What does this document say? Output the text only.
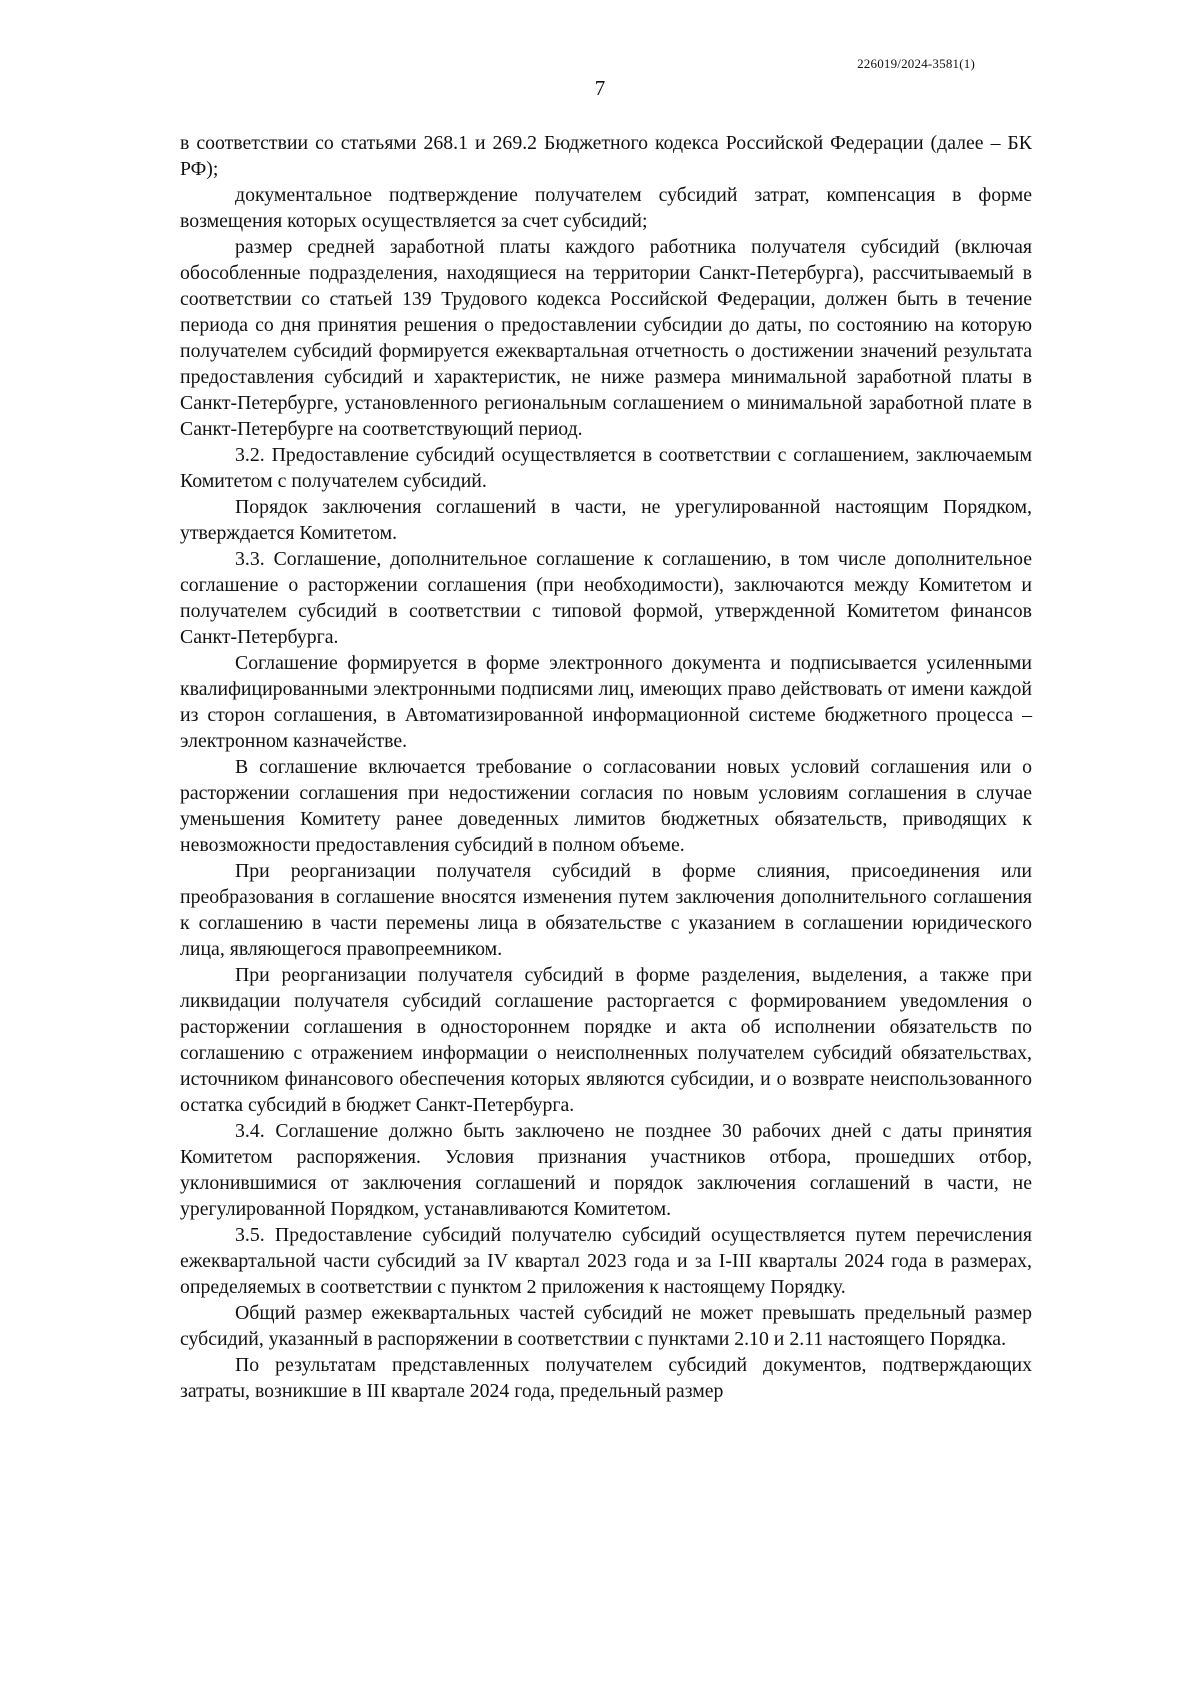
226019/2024-3581(1)
7

в соответствии со статьями 268.1 и 269.2 Бюджетного кодекса Российской Федерации (далее – БК РФ);

документальное подтверждение получателем субсидий затрат, компенсация в форме возмещения которых осуществляется за счет субсидий;

размер средней заработной платы каждого работника получателя субсидий (включая обособленные подразделения, находящиеся на территории Санкт-Петербурга), рассчитываемый в соответствии со статьей 139 Трудового кодекса Российской Федерации, должен быть в течение периода со дня принятия решения о предоставлении субсидии до даты, по состоянию на которую получателем субсидий формируется ежеквартальная отчетность о достижении значений результата предоставления субсидий и характеристик, не ниже размера минимальной заработной платы в Санкт-Петербурге, установленного региональным соглашением о минимальной заработной плате в Санкт-Петербурге на соответствующий период.

3.2. Предоставление субсидий осуществляется в соответствии с соглашением, заключаемым Комитетом с получателем субсидий.

Порядок заключения соглашений в части, не урегулированной настоящим Порядком, утверждается Комитетом.

3.3. Соглашение, дополнительное соглашение к соглашению, в том числе дополнительное соглашение о расторжении соглашения (при необходимости), заключаются между Комитетом и получателем субсидий в соответствии с типовой формой, утвержденной Комитетом финансов Санкт-Петербурга.

Соглашение формируется в форме электронного документа и подписывается усиленными квалифицированными электронными подписями лиц, имеющих право действовать от имени каждой из сторон соглашения, в Автоматизированной информационной системе бюджетного процесса – электронном казначействе.

В соглашение включается требование о согласовании новых условий соглашения или о расторжении соглашения при недостижении согласия по новым условиям соглашения в случае уменьшения Комитету ранее доведенных лимитов бюджетных обязательств, приводящих к невозможности предоставления субсидий в полном объеме.

При реорганизации получателя субсидий в форме слияния, присоединения или преобразования в соглашение вносятся изменения путем заключения дополнительного соглашения к соглашению в части перемены лица в обязательстве с указанием в соглашении юридического лица, являющегося правопреемником.

При реорганизации получателя субсидий в форме разделения, выделения, а также при ликвидации получателя субсидий соглашение расторгается с формированием уведомления о расторжении соглашения в одностороннем порядке и акта об исполнении обязательств по соглашению с отражением информации о неисполненных получателем субсидий обязательствах, источником финансового обеспечения которых являются субсидии, и о возврате неиспользованного остатка субсидий в бюджет Санкт-Петербурга.

3.4. Соглашение должно быть заключено не позднее 30 рабочих дней с даты принятия Комитетом распоряжения. Условия признания участников отбора, прошедших отбор, уклонившимися от заключения соглашений и порядок заключения соглашений в части, не урегулированной Порядком, устанавливаются Комитетом.

3.5. Предоставление субсидий получателю субсидий осуществляется путем перечисления ежеквартальной части субсидий за IV квартал 2023 года и за I-III кварталы 2024 года в размерах, определяемых в соответствии с пунктом 2 приложения к настоящему Порядку.

Общий размер ежеквартальных частей субсидий не может превышать предельный размер субсидий, указанный в распоряжении в соответствии с пунктами 2.10 и 2.11 настоящего Порядка.

По результатам представленных получателем субсидий документов, подтверждающих затраты, возникшие в III квартале 2024 года, предельный размер
